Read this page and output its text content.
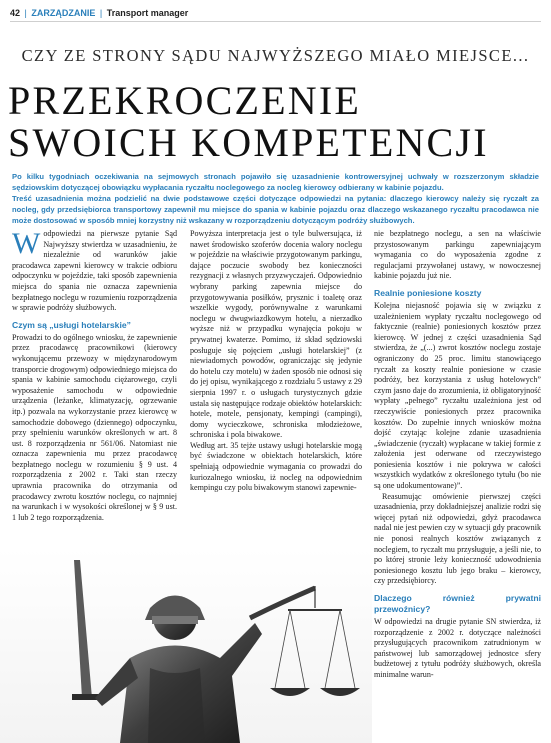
42 | ZARZĄDZANIE | Transport manager
CZY ZE STRONY SĄDU NAJWYŻSZEGO MIAŁO MIEJSCE...
PRZEKROCZENIE
SWOICH KOMPETENCJI

Po kilku tygodniach oczekiwania na sejmowych stronach pojawiło się uzasadnienie kontrowersyjnej uchwały w rozszerzonym składzie sędziowskim dotyczącej obowiązku wypłacania ryczałtu noclegowego za nocleg kierowcy odbierany w kabinie pojazdu.

Treść uzasadnienia można podzielić na dwie podstawowe części dotyczące odpowiedzi na pytania: dlaczego kierowcy należy się ryczałt za nocleg, gdy przedsiębiorca transportowy zapewnił mu miejsce do spania w kabinie pojazdu oraz dlaczego wskazanego ryczałtu pracodawca nie może dostosować w sposób mniej korzystny niż wskazany w rozporządzeniu dotyczącym podróży służbowych.

Wodpowiedzi na pierwsze pytanie Sąd Najwyższy stwierdza w uzasadnieniu, że niezależnie od warunków jakie pracodawca zapewni kierowcy w trakcie odbioru odpoczynku w pojeździe, taki sposób zapewnienia miejsca do spania nie oznacza zapewnienia bezpłatnego noclegu w rozumieniu rozporządzenia w sprawie podróży służbowych.

Czym są „usługi hotelarskie”

Prowadzi to do ogólnego wniosku, że zapewnienie przez pracodawcę pracownikowi (kierowcy wykonującemu przewozy w międzynarodowym transporcie drogowym) odpowiedniego miejsca do spania w kabinie samochodu ciężarowego, czyli wyposażenie samochodu w odpowiednie urządzenia (leżanke, klimatyzację, ogrzewanie itp.) pozwala na wykorzystanie przez kierowcę w samochodzie dobowego (dziennego) odpoczynku, przy spełnieniu warunków określonych w art. 8 ust. 8 rozporządzenia nr 561/06. Natomiast nie oznacza zapewnienia mu przez pracodawcę bezpłatnego noclegu w rozumieniu § 9 ust. 4 rozporządzenia z 2002 r. Taki stan rzeczy uprawnia pracownika do otrzymania od pracodawcy zwrotu kosztów noclegu, co najmniej na warunkach i w wysokości określonej w § 9 ust. 1 lub 2 tego rozporządzenia.

Powyższa interpretacja jest o tyle bulwersująca, iż nawet środowisko szoferów docenia walory noclegu w pojeździe na właściwie przygotowanym parkingu, dające poczucie swobody bez konieczności rezygnacji z własnych przyzwyczajeń. Odpowiednio wybrany parking zapewnia miejsce do przygotowywania posiłków, prysznic i toaletę oraz wszelkie wygody, porównywalne z warunkami noclegu w dwugwiazdkowym hotelu, a nierzadko wyższe niż w przypadku wynajęcia pokoju w prywatnej kwaterze. Pomimo, iż skład sędziowski posługuje się pojęciem „usługi hotelarskiej” (z niewiadomych powodów, ograniczając się jedynie do hotelu czy motelu) w żaden sposób nie odnosi się do jej opisu, wynikającego z rozdziału 5 ustawy z 29 sierpnia 1997 r. o usługach turystycznych gdzie ustala się następujące rodzaje obiektów hotelarskich: hotele, motele, pensjonaty, kempingi (campingi), domy wycieczkowe, schroniska młodzieżowe, schroniska i pola biwakowe.

Według art. 35 tejże ustawy usługi hotelarskie mogą być świadczone w obiektach hotelarskich, które spełniają odpowiednie wymagania co prowadzi do kuriozalnego wniosku, iż nocleg na odpowiednim kempingu czy polu biwakowym stanowi zapewnie-

nie bezpłatnego noclegu, a sen na właściwie przystosowanym parkingu zapewniającym wymagania co do wyposażenia zgodne z regulacjami przywołanej ustawy, w nowoczesnej kabinie pojazdu już nie.

Realnie poniesione koszty

Kolejna niejasność pojawia się w związku z uzależnieniem wypłaty ryczałtu noclegowego od faktycznie (realnie) poniesionych kosztów przez kierowcę. W jednej z części uzasadnienia Sąd stwierdza, że „(...) zwrot kosztów noclegu zostaje ograniczony do 25 proc. limitu stanowiącego ryczałt za koszty realnie poniesione w czasie podróży, bez korzystania z usług hotelowych” czym jasno daje do zrozumienia, iż obligatoryjność wypłaty „pełnego” ryczałtu uzależniona jest od rzeczywiście poniesionych przez pracownika kosztów. Do zupełnie innych wniosków można dojść czytając kolejne zdanie uzasadnienia „świadczenie (ryczałt) wypłacane w takiej formie z założenia jest oderwane od rzeczywistego poniesienia kosztów i nie pokrywa w całości wszystkich wydatków z określonego tytułu (bo nie są one udokumentowane)”.

Reasumując omówienie pierwszej części uzasadnienia, przy dokładniejszej analizie rodzi się więcej pytań niż odpowiedzi, gdyż pracodawca nadal nie jest pewien czy w sytuacji gdy pracownik nie ponosi realnych kosztów związanych z noclegiem, to ryczałt mu przysługuje, a jeśli nie, to po której stronie leży konieczność udowodnienia poniesionego kosztu lub jego braku – kierowcy, czy przedsiębiorcy.

Dlaczego również prywatni przewoźnicy?

W odpowiedzi na drugie pytanie SN stwierdza, iż rozporządzenie z 2002 r. dotyczące należności przysługujących pracownikom zatrudnionym w państwowej lub samorządowej jednostce sfery budżetowej z tytułu podróży służbowych, określa minimalne warun-
